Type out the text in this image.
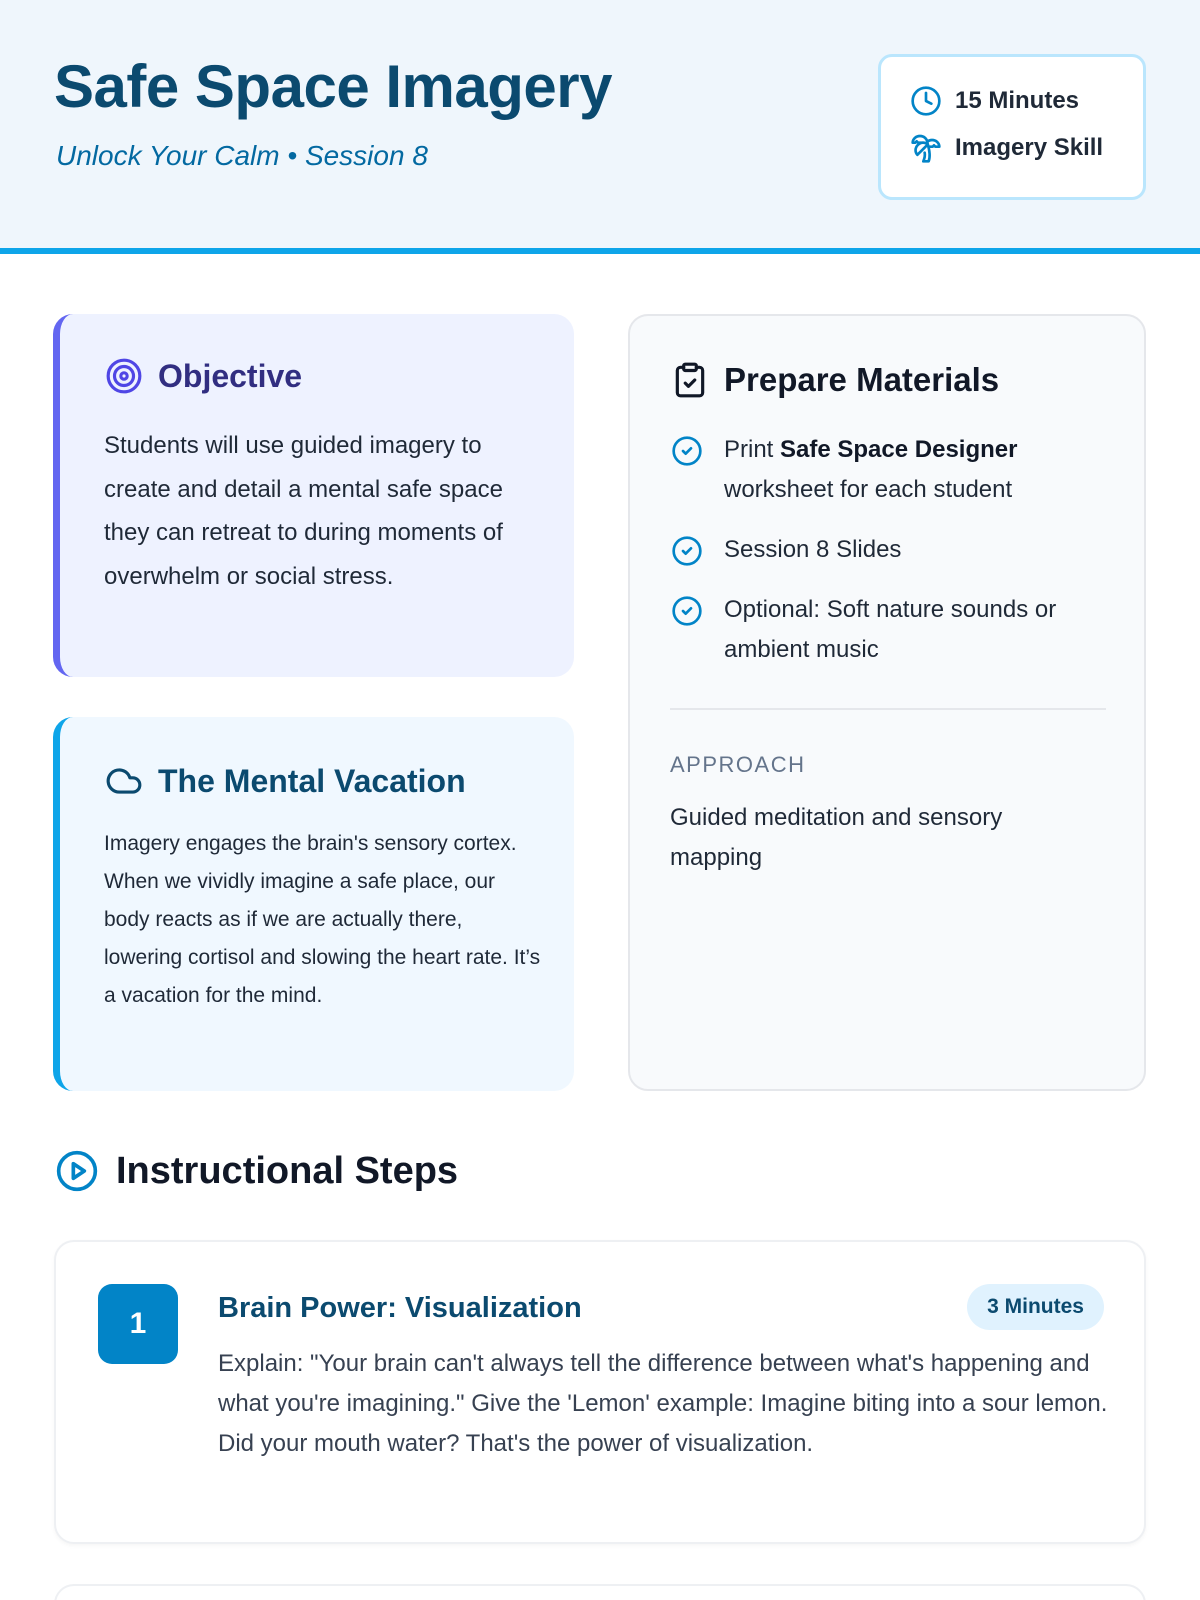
Safe Space Imagery
Unlock Your Calm • Session 8
15 Minutes
Imagery Skill
Objective
Students will use guided imagery to create and detail a mental safe space they can retreat to during moments of overwhelm or social stress.
The Mental Vacation
Imagery engages the brain's sensory cortex. When we vividly imagine a safe place, our body reacts as if we are actually there, lowering cortisol and slowing the heart rate. It’s a vacation for the mind.
Prepare Materials
Print Safe Space Designer worksheet for each student
Session 8 Slides
Optional: Soft nature sounds or ambient music
APPROACH
Guided meditation and sensory mapping
Instructional Steps
1	Brain Power: Visualization	3 Minutes
Explain: "Your brain can't always tell the difference between what's happening and what you're imagining." Give the 'Lemon' example: Imagine biting into a sour lemon. Did your mouth water? That's the power of visualization.
